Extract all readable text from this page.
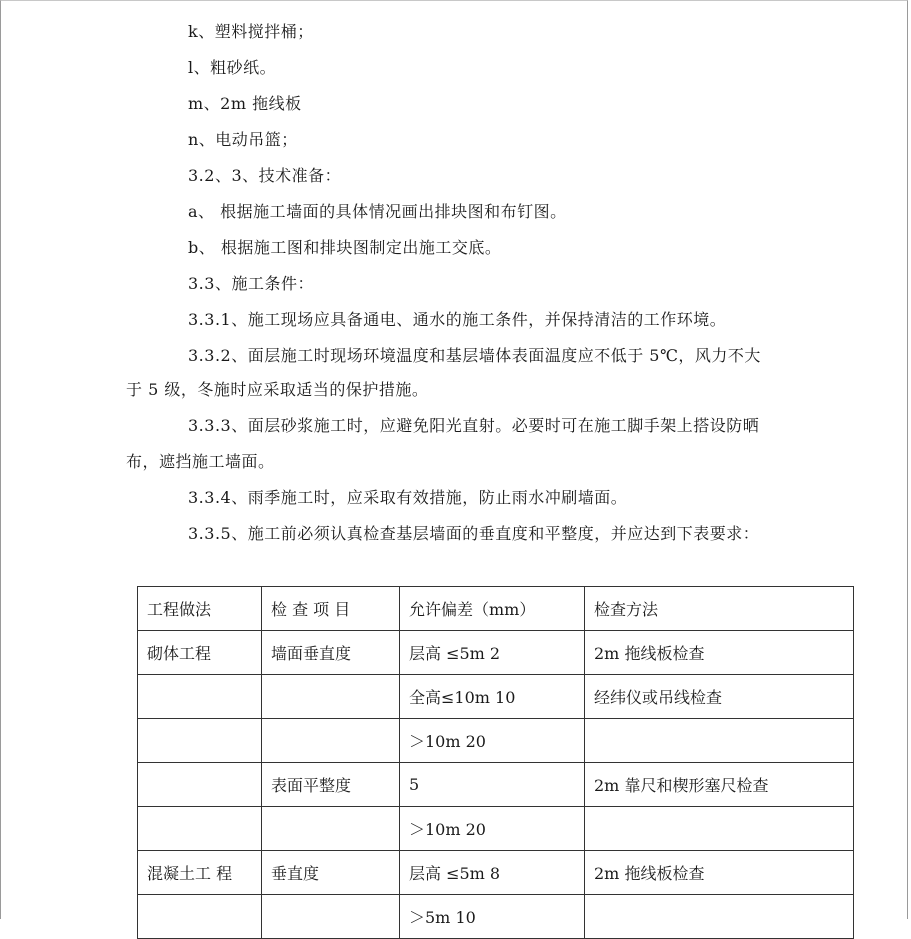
k、塑料搅拌桶；
l、粗砂纸。
m、2m 拖线板
n、电动吊篮；
3.2、3、技术准备：
a、 根据施工墙面的具体情况画出排块图和布钉图。
b、 根据施工图和排块图制定出施工交底。
3.3、施工条件：
3.3.1、施工现场应具备通电、通水的施工条件，并保持清洁的工作环境。
3.3.2、面层施工时现场环境温度和基层墙体表面温度应不低于 5℃，风力不大
于 5 级，冬施时应采取适当的保护措施。
3.3.3、面层砂浆施工时，应避免阳光直射。必要时可在施工脚手架上搭设防晒
布，遮挡施工墙面。
3.3.4、雨季施工时，应采取有效措施，防止雨水冲刷墙面。
3.3.5、施工前必须认真检查基层墙面的垂直度和平整度，并应达到下表要求：
工程做法	检 查 项 目	允许偏差（mm）	检查方法
砌体工程	墙面垂直度	层高 ≤5m 2	2m 拖线板检查
		全高≤10m 10	经纬仪或吊线检查
		＞10m 20	
	表面平整度	5	2m 靠尺和楔形塞尺检查
		＞10m 20	
混凝土工 程	垂直度	层高 ≤5m 8	2m 拖线板检查
		＞5m 10	
